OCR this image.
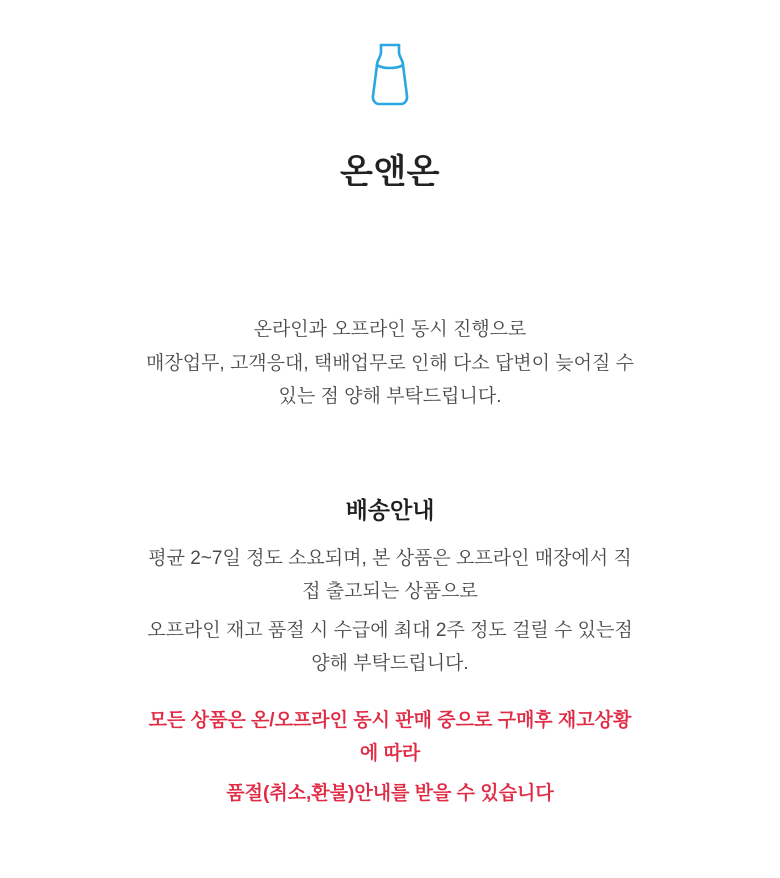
온앤온
온라인과 오프라인 동시 진행으로
매장업무, 고객응대, 택배업무로 인해 다소 답변이 늦어질 수
있는 점 양해 부탁드립니다.
배송안내

평균 2~7일 정도 소요되며, 본 상품은 오프라인 매장에서 직
접 출고되는 상품으로

오프라인 재고 품절 시 수급에 최대 2주 정도 걸릴 수 있는점
양해 부탁드립니다.

모든 상품은 온/오프라인 동시 판매 중으로 구매후 재고상황
에 따라

품절(취소,환불)안내를 받을 수 있습니다
